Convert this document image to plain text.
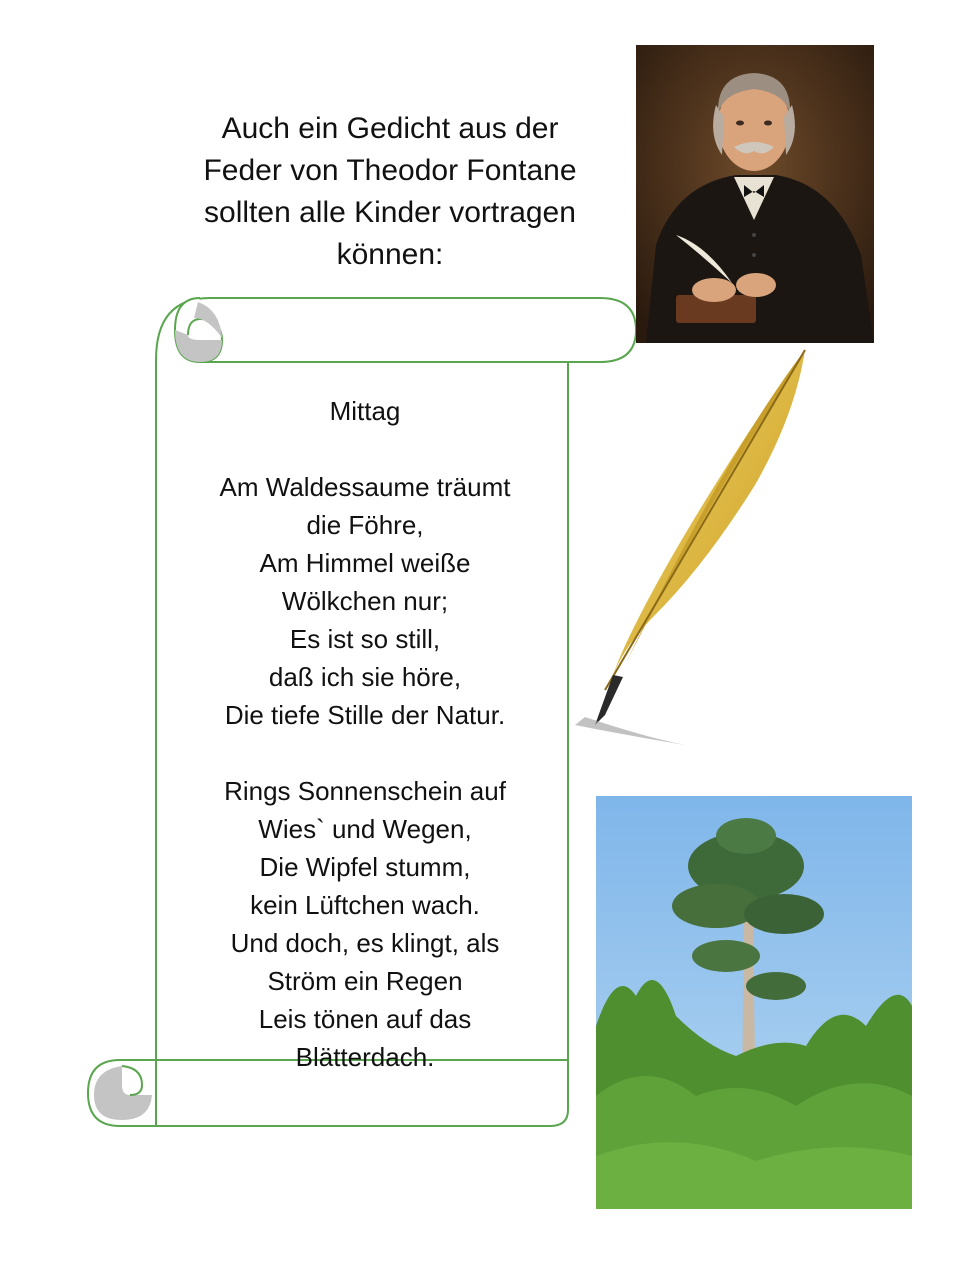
Auch ein Gedicht aus der
Feder von Theodor Fontane
sollten alle Kinder vortragen
können:
Mittag
Am Waldessaume träumt
die Föhre,
Am Himmel weiße
Wölkchen nur;
Es ist so still,
daß ich sie höre,
Die tiefe Stille der Natur.
Rings Sonnenschein auf
Wies` und Wegen,
Die Wipfel stumm,
kein Lüftchen wach.
Und doch, es klingt, als
Ström ein Regen
Leis tönen auf das
Blätterdach.
